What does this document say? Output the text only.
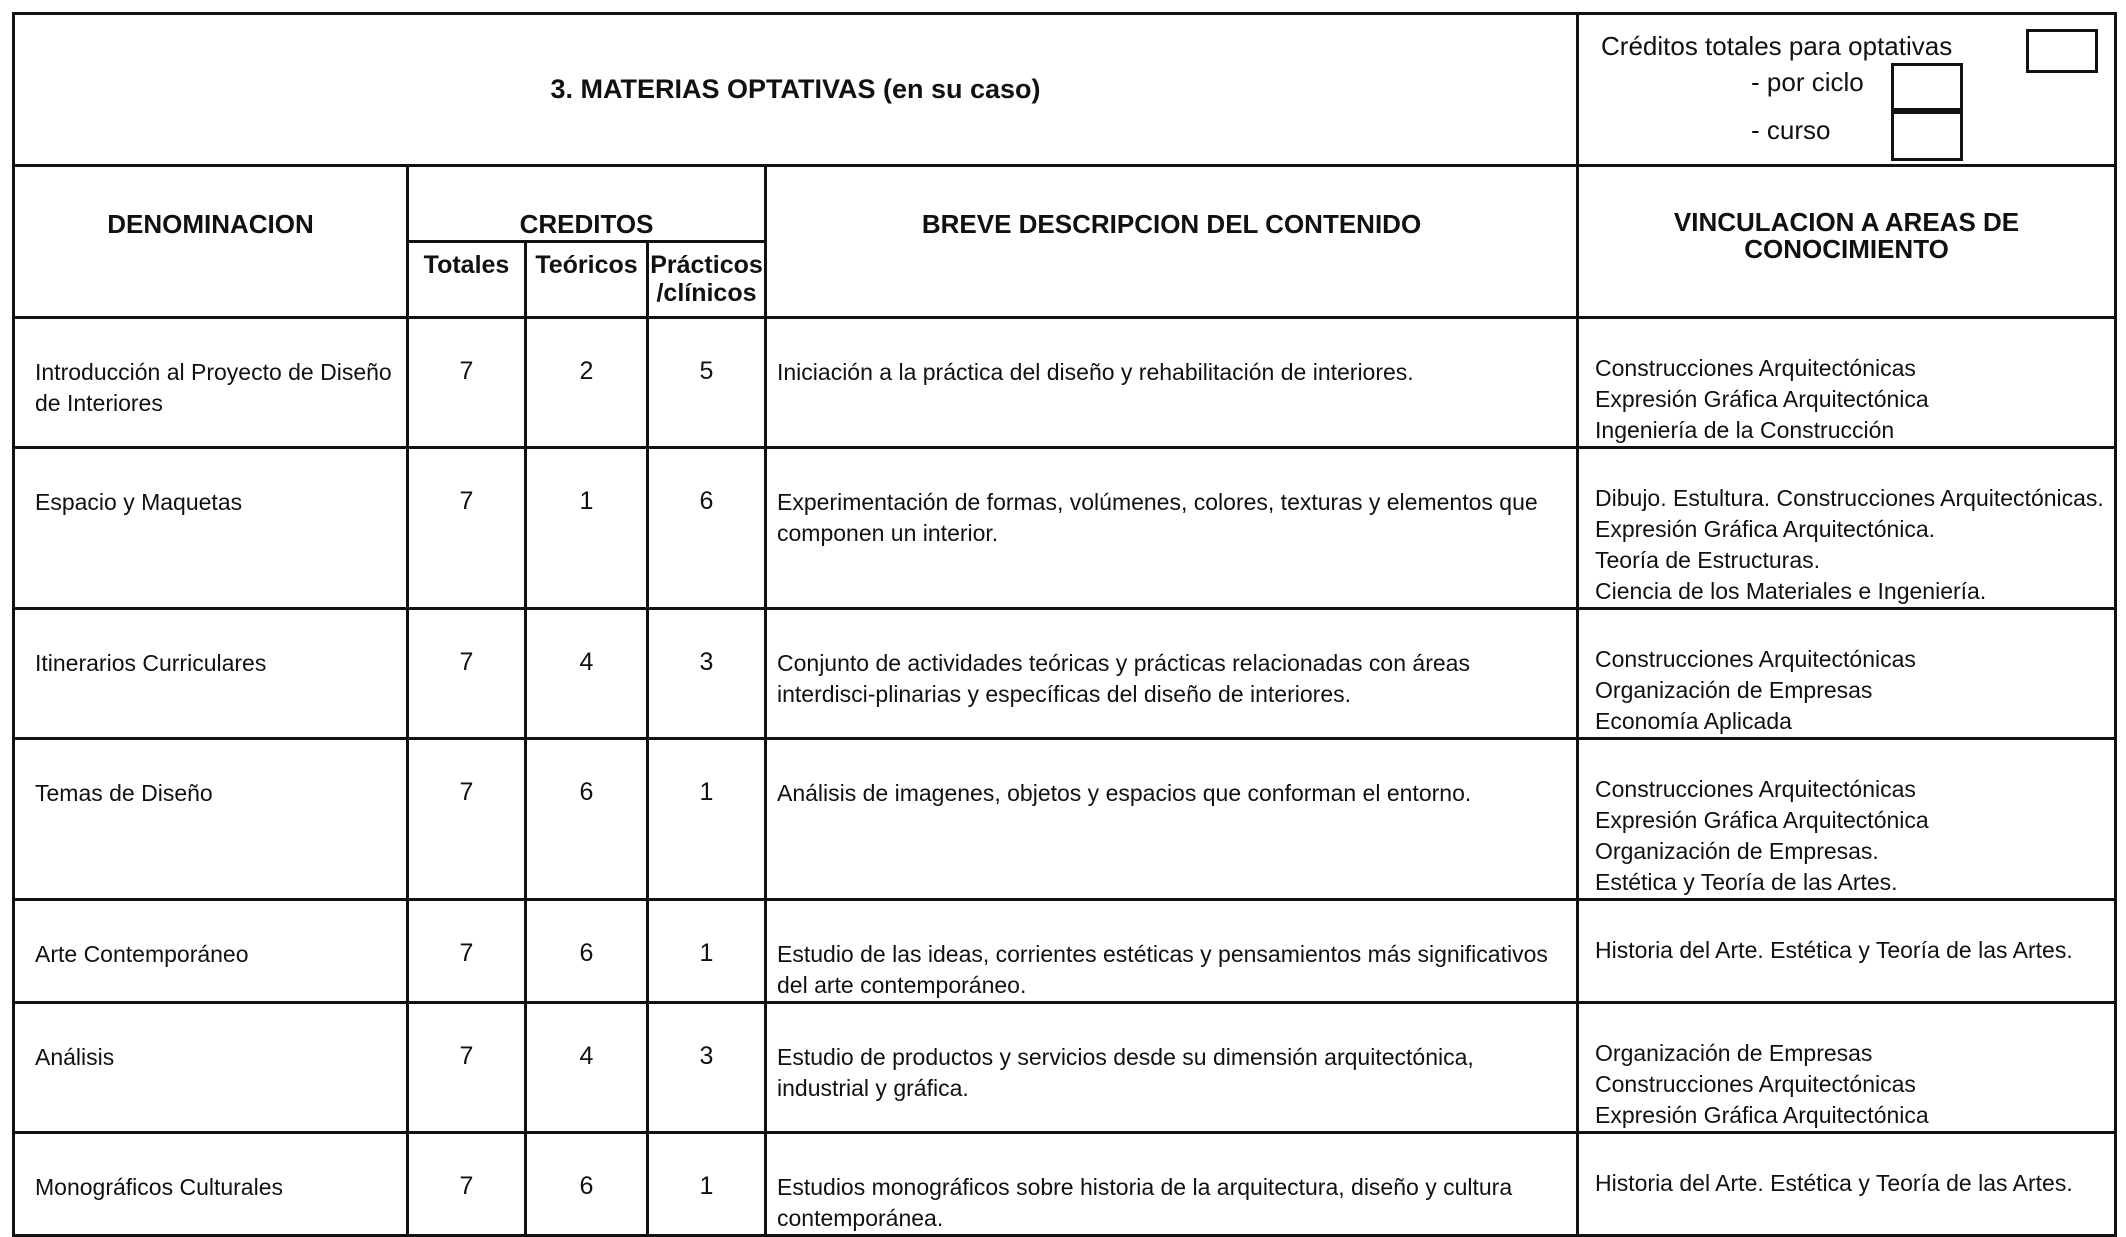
3. MATERIAS OPTATIVAS (en su caso)					Créditos totales para optativas
- por ciclo
- curso

DENOMINACION	CREDITOS			BREVE DESCRIPCION DEL CONTENIDO	VINCULACION A AREAS DE
CONOCIMIENTO

	Totales	Teóricos	Prácticos
/clínicos		

Introducción al Proyecto de Diseño de Interiores	7	2	5	Iniciación a la práctica del diseño y rehabilitación de interiores.	Construcciones Arquitectónicas
Expresión Gráfica Arquitectónica
Ingeniería de la Construcción

Espacio y Maquetas	7	1	6	Experimentación de formas, volúmenes, colores, texturas y elementos que componen un interior.	Dibujo. Estultura. Construcciones Arquitectónicas.
Expresión Gráfica Arquitectónica.
Teoría de Estructuras.
Ciencia de los Materiales e Ingeniería.

Itinerarios Curriculares	7	4	3	Conjunto de actividades teóricas y prácticas relacionadas con áreas interdisci-plinarias y específicas del diseño de interiores.	Construcciones Arquitectónicas
Organización de Empresas
Economía Aplicada

Temas de Diseño	7	6	1	Análisis de imagenes, objetos y espacios que conforman el entorno.	Construcciones Arquitectónicas
Expresión Gráfica Arquitectónica
Organización de Empresas.
Estética y Teoría de las Artes.

Arte Contemporáneo	7	6	1	Estudio de las ideas, corrientes estéticas y pensamientos más significativos del arte contemporáneo.	Historia del Arte. Estética y Teoría de las Artes.

Análisis	7	4	3	Estudio de productos y servicios desde su dimensión arquitectónica, industrial y gráfica.	Organización de Empresas
Construcciones Arquitectónicas
Expresión Gráfica Arquitectónica

Monográficos Culturales	7	6	1	Estudios monográficos sobre historia de la arquitectura, diseño y cultura contemporánea.	Historia del Arte. Estética y Teoría de las Artes.
